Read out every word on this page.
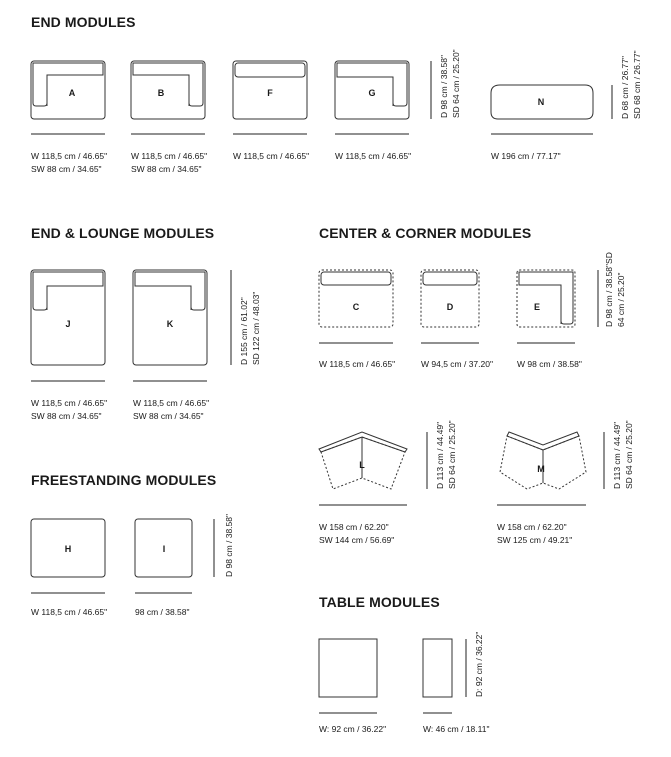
END MODULES
END & LOUNGE MODULES	CENTER & CORNER MODULES
FREESTANDING MODULES
TABLE MODULES
A	B	F	G
N
J	K
C	D	E
L	M
H	I
W 118,5 cm / 46.65"
SW 88 cm / 34.65"
W 118,5 cm / 46.65"
SW 88 cm / 34.65"
W 118,5 cm / 46.65"	W 118,5 cm / 46.65"	W 196 cm / 77.17"
W 118,5 cm / 46.65"
SW 88 cm / 34.65"
W 118,5 cm / 46.65"
SW 88 cm / 34.65"
W 118,5 cm / 46.65"	W 94,5 cm / 37.20"	W 98 cm / 38.58"
W 158 cm / 62.20"
SW 144 cm / 56.69"
W 158 cm / 62.20"
SW 125 cm / 49.21"
W 118,5 cm / 46.65"	98 cm / 38.58"
W: 92 cm / 36.22"	W: 46 cm / 18.11"
D 98 cm / 38.58" SD 64 cm / 25.20"	D 68 cm / 26.77" SD 68 cm / 26.77"
D 155 cm / 61.02" SD 122 cm / 48.03"
D 98 cm / 38.58"SD 64 cm / 25.20"
D 113 cm / 44.49" SD 64 cm / 25.20"	D 113 cm / 44.49" SD 64 cm / 25.20"
D 98 cm / 38.58"
D: 92 cm / 36.22"
